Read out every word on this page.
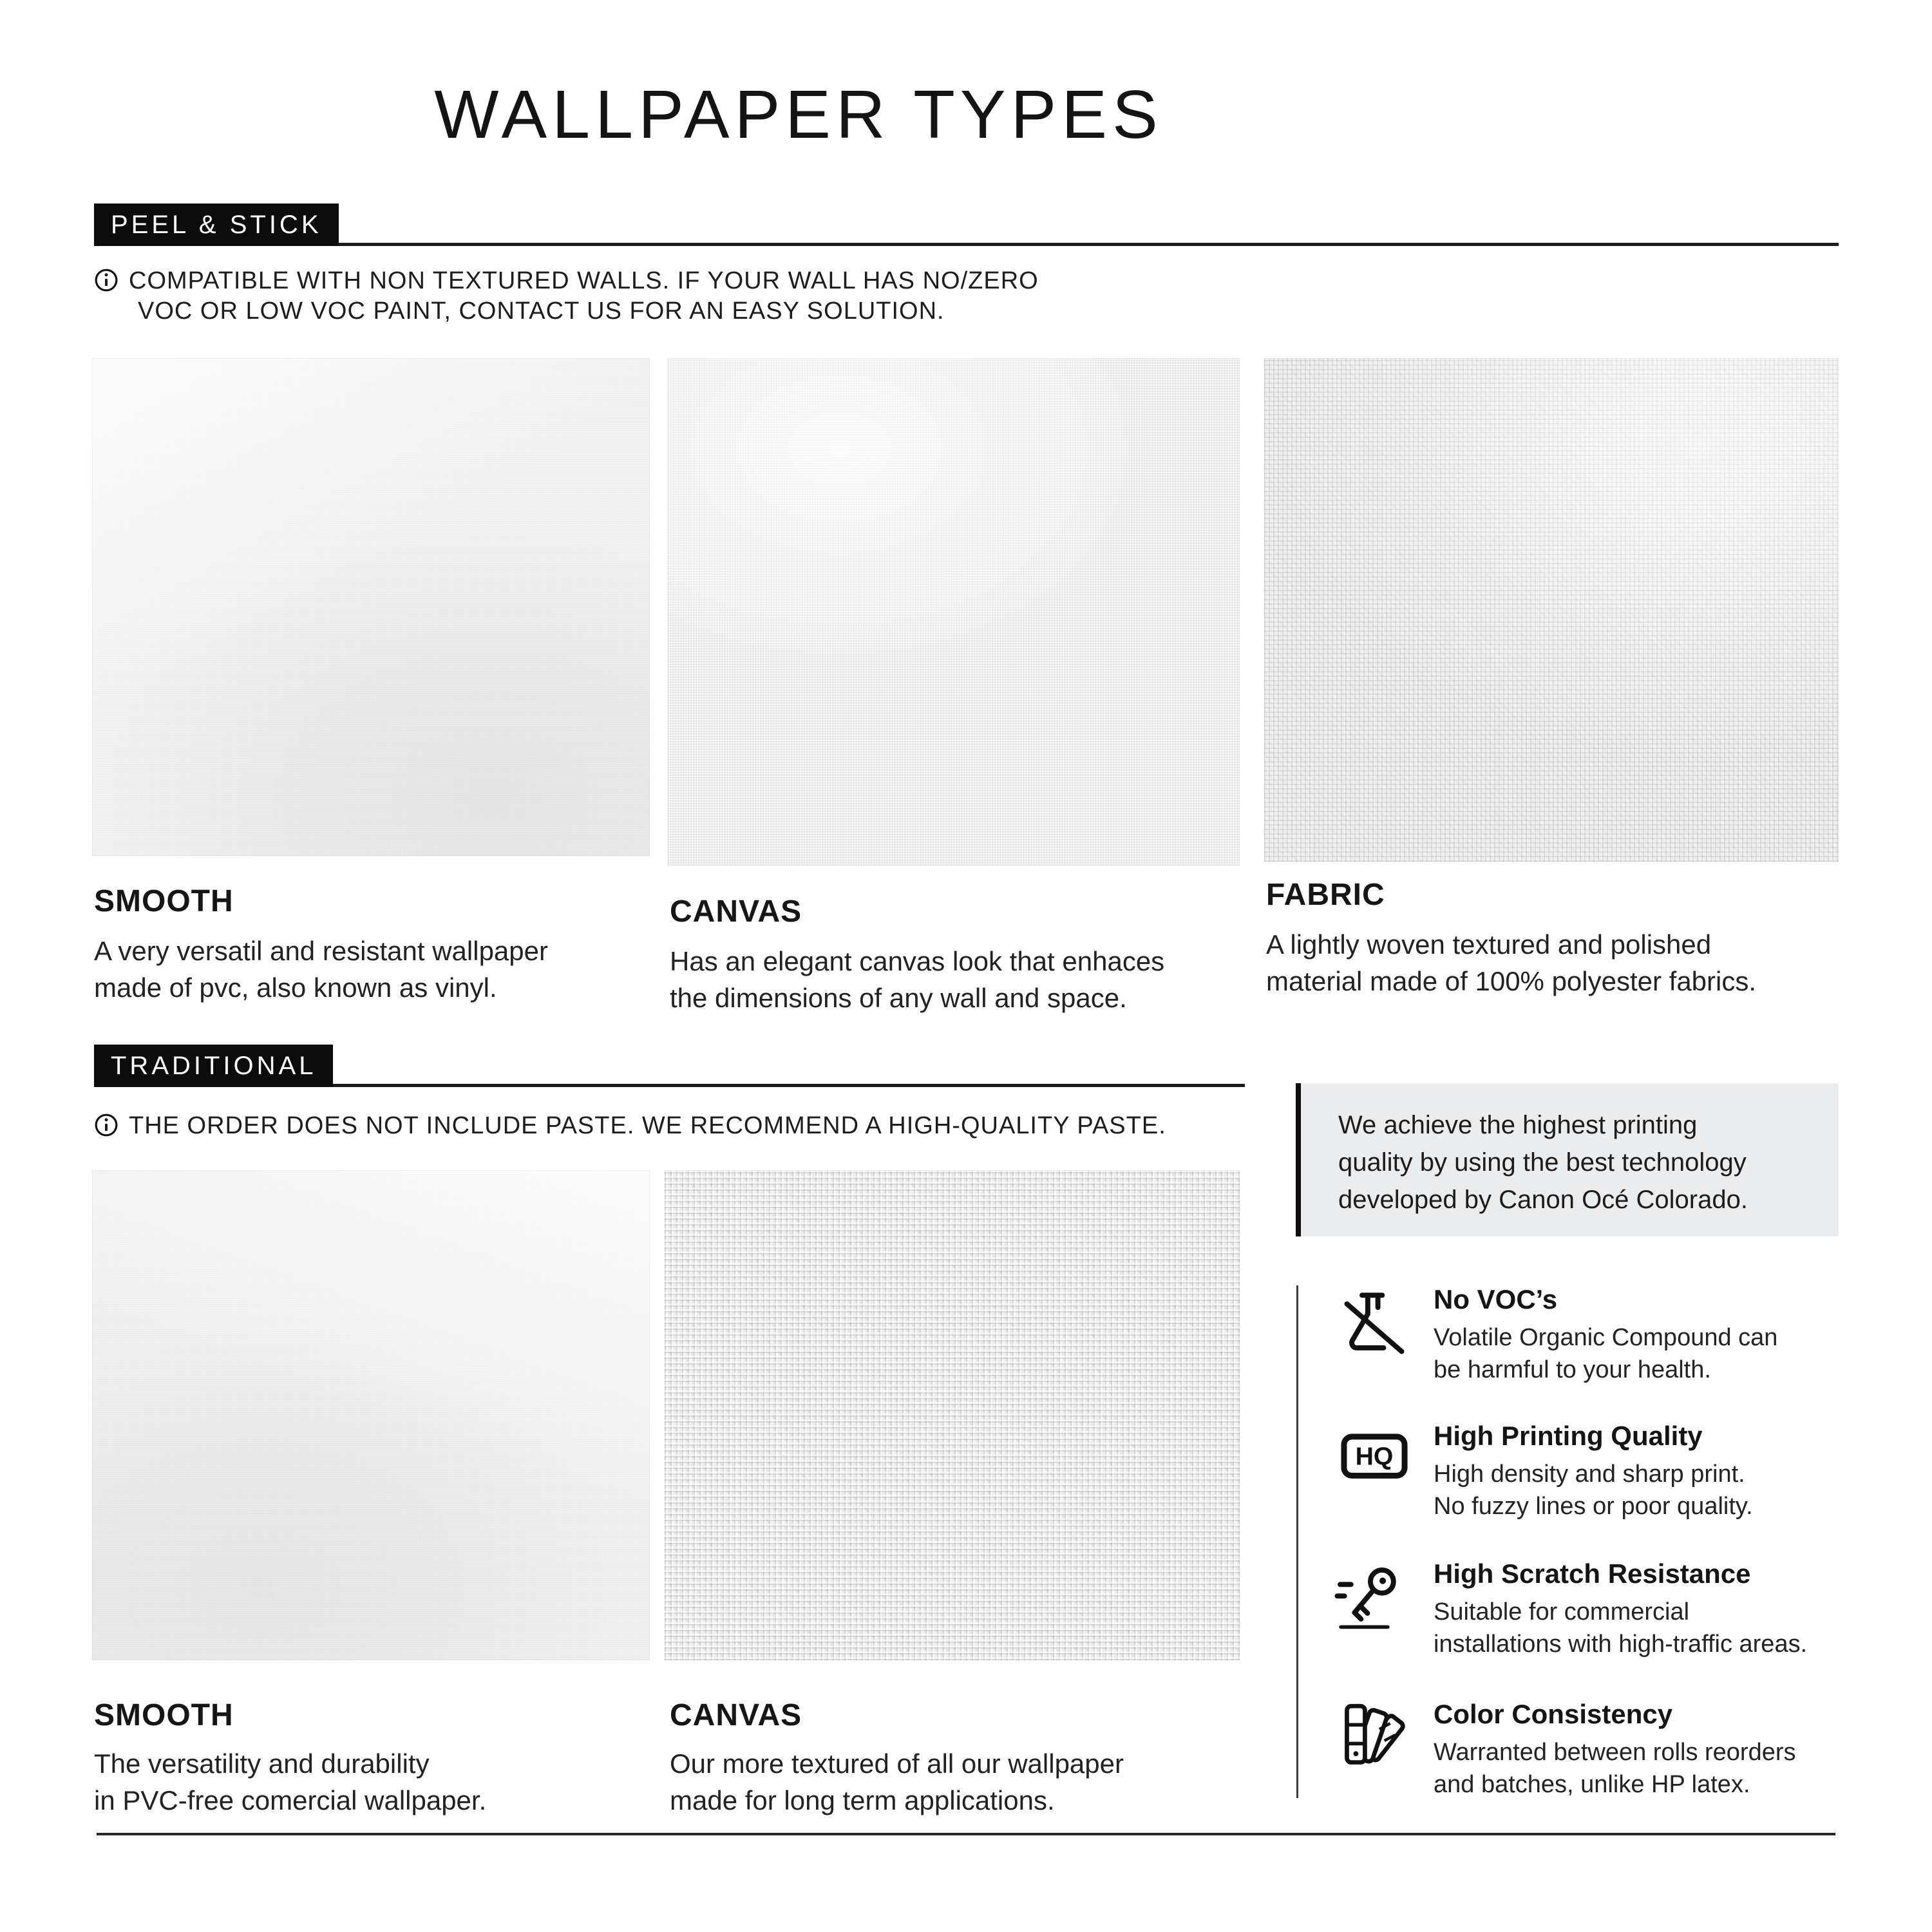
WALLPAPER TYPES
PEEL & STICK
COMPATIBLE WITH NON TEXTURED WALLS. IF YOUR WALL HAS NO/ZERO
VOC OR LOW VOC PAINT, CONTACT US FOR AN EASY SOLUTION.
SMOOTH
A very versatil and resistant wallpaper
made of pvc, also known as vinyl.
CANVAS
Has an elegant canvas look that enhaces
the dimensions of any wall and space.
FABRIC
A lightly woven textured and polished
material made of 100% polyester fabrics.
TRADITIONAL
THE ORDER DOES NOT INCLUDE PASTE. WE RECOMMEND A HIGH-QUALITY PASTE.
SMOOTH
The versatility and durability
in PVC-free comercial wallpaper.
CANVAS
Our more textured of all our wallpaper
made for long term applications.
We achieve the highest printing
quality by using the best technology
developed by Canon Océ Colorado.
No VOC’s
Volatile Organic Compound can
be harmful to your health.
HQ
High Printing Quality
High density and sharp print.
No fuzzy lines or poor quality.
High Scratch Resistance
Suitable for commercial
installations with high-traffic areas.
Color Consistency
Warranted between rolls reorders
and batches, unlike HP latex.
